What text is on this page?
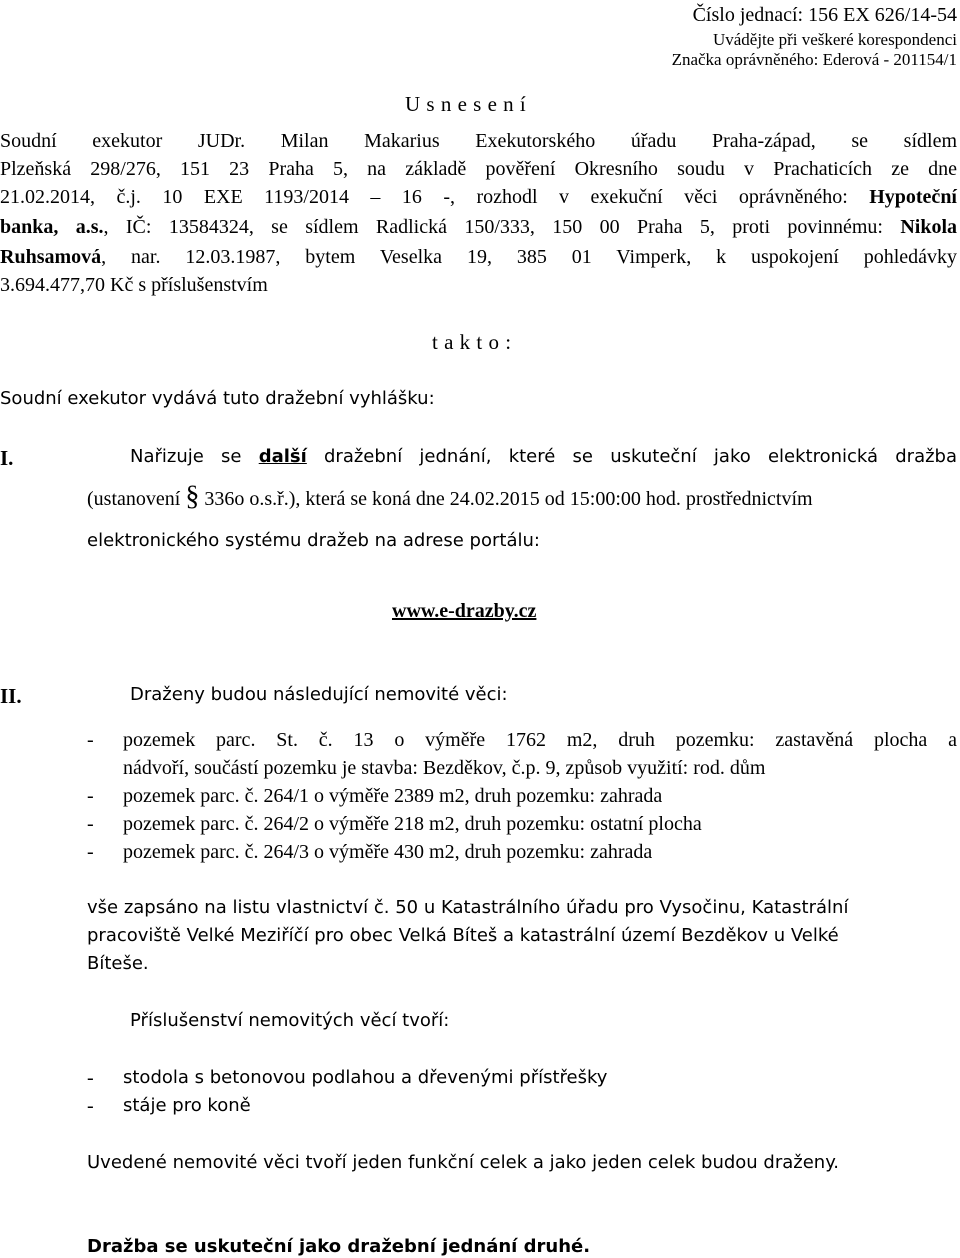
Číslo jednací: 156 EX 626/14-54
Uvádějte při veškeré korespondenci
Značka oprávněného: Ederová - 201154/1
U s n e s e n í
Soudní exekutor JUDr. Milan Makarius Exekutorského úřadu Praha-západ, se sídlem
Plzeňská 298/276, 151 23 Praha 5, na základě pověření Okresního soudu v Prachaticích ze dne
21.02.2014, č.j. 10 EXE 1193/2014 – 16 -, rozhodl v exekuční věci oprávněného: Hypoteční
banka, a.s., IČ: 13584324, se sídlem Radlická 150/333, 150 00 Praha 5, proti povinnému: Nikola
Ruhsamová, nar. 12.03.1987, bytem Veselka 19, 385 01 Vimperk, k uspokojení pohledávky
3.694.477,70 Kč s příslušenstvím
t a k t o :
Soudní exekutor vydává tuto dražební vyhlášku:
I.	Nařizuje se další dražební jednání, které se uskuteční jako elektronická dražba
(ustanovení § 336o o.s.ř.), která se koná dne 24.02.2015 od 15:00:00 hod. prostřednictvím
elektronického systému dražeb na adrese portálu:
www.e-drazby.cz
II.	Draženy budou následující nemovité věci:
- pozemek parc. St. č. 13 o výměře 1762 m2, druh pozemku: zastavěná plocha a
nádvoří, součástí pozemku je stavba: Bezděkov, č.p. 9, způsob využití: rod. dům
- pozemek parc. č. 264/1 o výměře 2389 m2, druh pozemku: zahrada
- pozemek parc. č. 264/2 o výměře 218 m2, druh pozemku: ostatní plocha
- pozemek parc. č. 264/3 o výměře 430 m2, druh pozemku: zahrada
vše zapsáno na listu vlastnictví č. 50 u Katastrálního úřadu pro Vysočinu, Katastrální
pracoviště Velké Meziříčí pro obec Velká Bíteš a katastrální území Bezděkov u Velké
Bíteše.
Příslušenství nemovitých věcí tvoří:
- stodola s betonovou podlahou a dřevenými přístřešky
- stáje pro koně
Uvedené nemovité věci tvoří jeden funkční celek a jako jeden celek budou draženy.
Dražba se uskuteční jako dražební jednání druhé.
